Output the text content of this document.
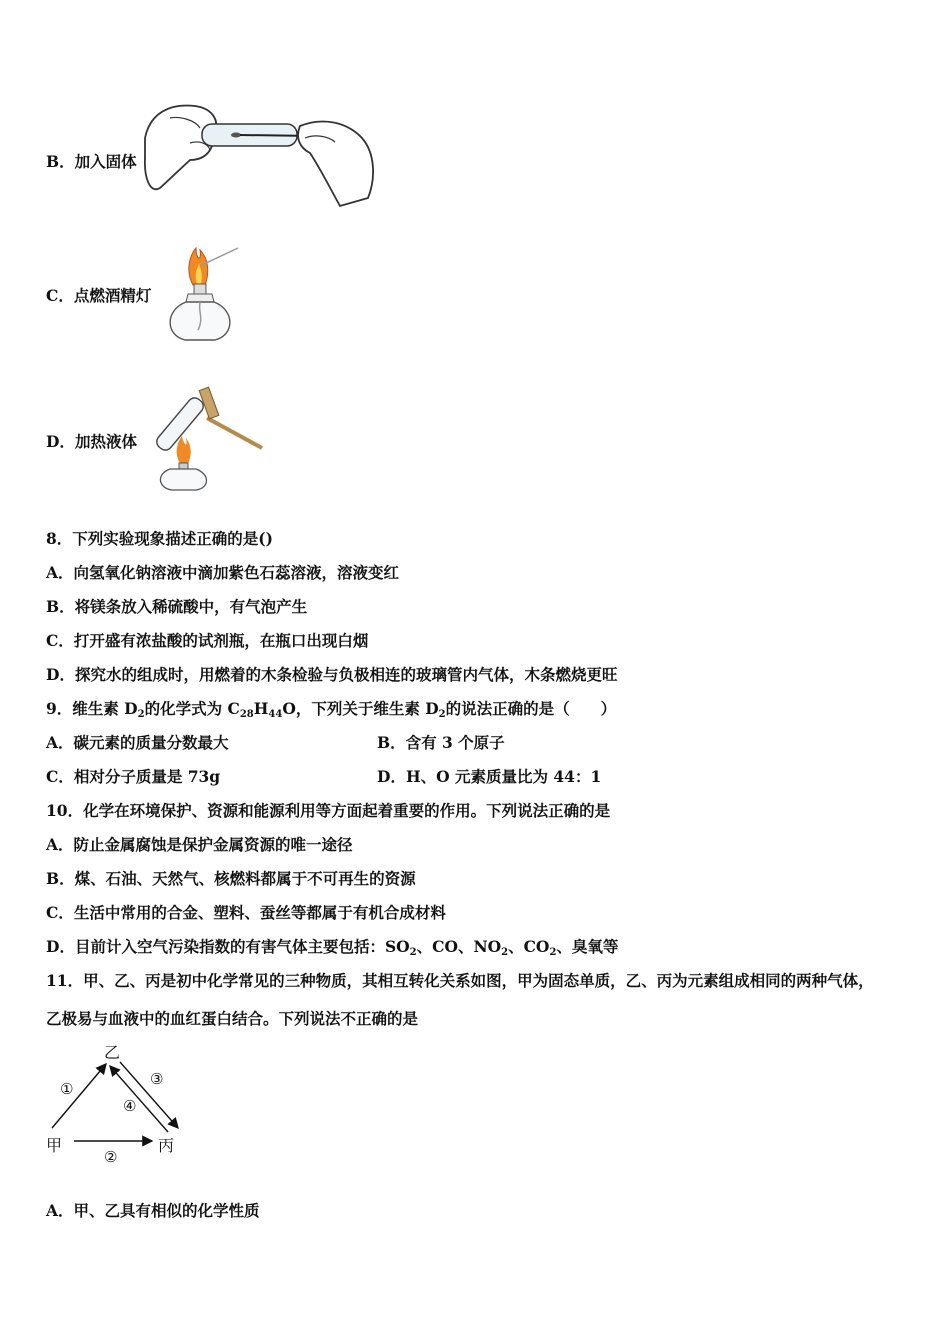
B．加入固体
C．点燃酒精灯
D．加热液体
8．下列实验现象描述正确的是()
A．向氢氧化钠溶液中滴加紫色石蕊溶液，溶液变红
B．将镁条放入稀硫酸中，有气泡产生
C．打开盛有浓盐酸的试剂瓶，在瓶口出现白烟
D．探究水的组成时，用燃着的木条检验与负极相连的玻璃管内气体，木条燃烧更旺
9．维生素 $D_2$的化学式为 $C_{28}H_{44}O$，下列关于维生素 $D_2$的说法正确的是（　　）
A．碳元素的质量分数最大	B．含有 3 个原子
C．相对分子质量是 73g	D．H、O 元素质量比为 44：1
10．化学在环境保护、资源和能源利用等方面起着重要的作用。下列说法正确的是
A．防止金属腐蚀是保护金属资源的唯一途径
B．煤、石油、天然气、核燃料都属于不可再生的资源
C．生活中常用的合金、塑料、蚕丝等都属于有机合成材料
D．目前计入空气污染指数的有害气体主要包括：$SO_2$、CO、$NO_2$、$CO_2$、臭氧等
11．甲、乙、丙是初中化学常见的三种物质，其相互转化关系如图，甲为固态单质，乙、丙为元素组成相同的两种气体，
乙极易与血液中的血红蛋白结合。下列说法不正确的是
乙
甲	丙
①
②
③
④
A．甲、乙具有相似的化学性质
